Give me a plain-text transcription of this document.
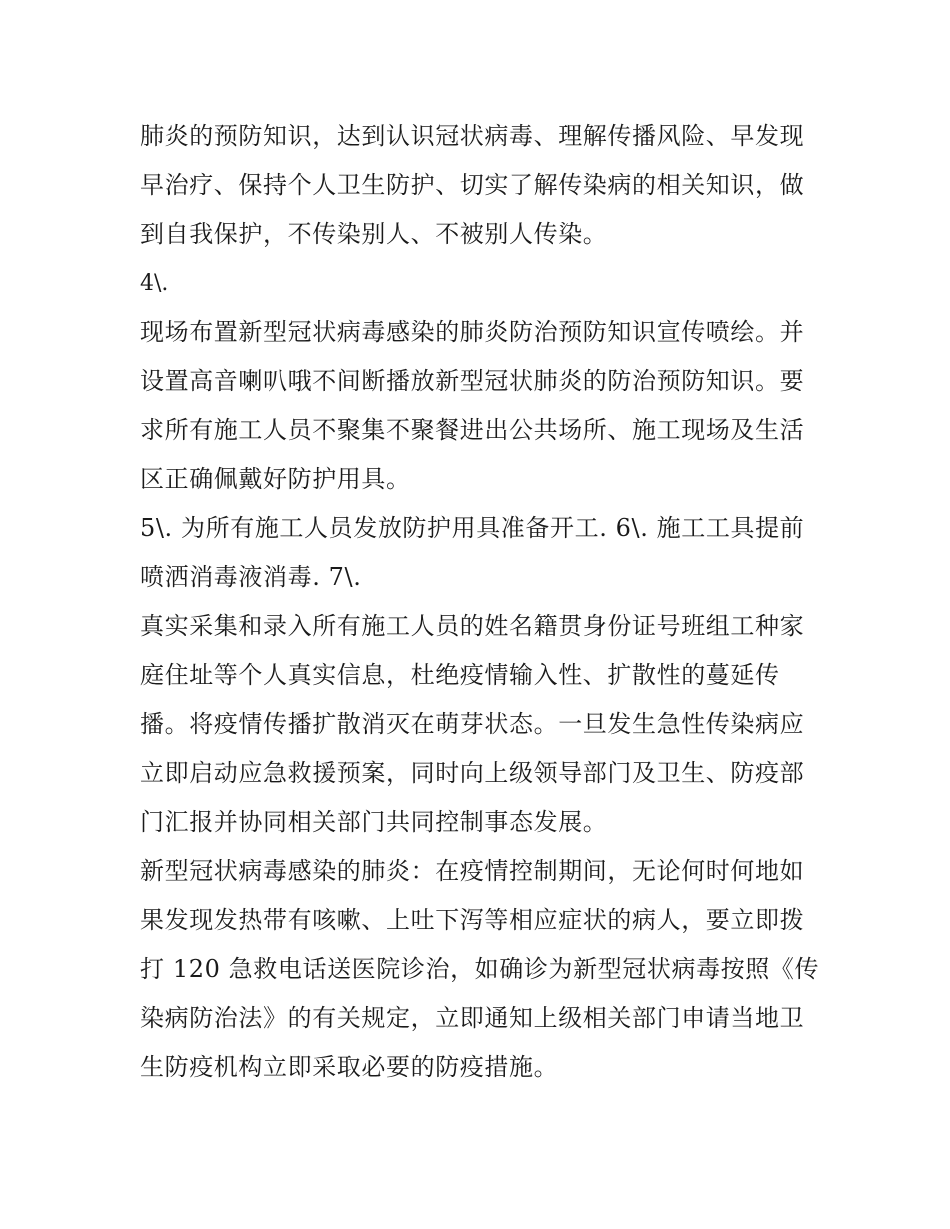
肺炎的预防知识，达到认识冠状病毒、理解传播风险、早发现
早治疗、保持个人卫生防护、切实了解传染病的相关知识，做
到自我保护，不传染别人、不被别人传染。
4\.
现场布置新型冠状病毒感染的肺炎防治预防知识宣传喷绘。并
设置高音喇叭哦不间断播放新型冠状肺炎的防治预防知识。要
求所有施工人员不聚集不聚餐进出公共场所、施工现场及生活
区正确佩戴好防护用具。
5\. 为所有施工人员发放防护用具准备开工. 6\. 施工工具提前
喷洒消毒液消毒. 7\.
真实采集和录入所有施工人员的姓名籍贯身份证号班组工种家
庭住址等个人真实信息，杜绝疫情输入性、扩散性的蔓延传
播。将疫情传播扩散消灭在萌芽状态。一旦发生急性传染病应
立即启动应急救援预案，同时向上级领导部门及卫生、防疫部
门汇报并协同相关部门共同控制事态发展。
新型冠状病毒感染的肺炎：在疫情控制期间，无论何时何地如
果发现发热带有咳嗽、上吐下泻等相应症状的病人，要立即拨
打 120 急救电话送医院诊治，如确诊为新型冠状病毒按照《传
染病防治法》的有关规定，立即通知上级相关部门申请当地卫
生防疫机构立即采取必要的防疫措施。
